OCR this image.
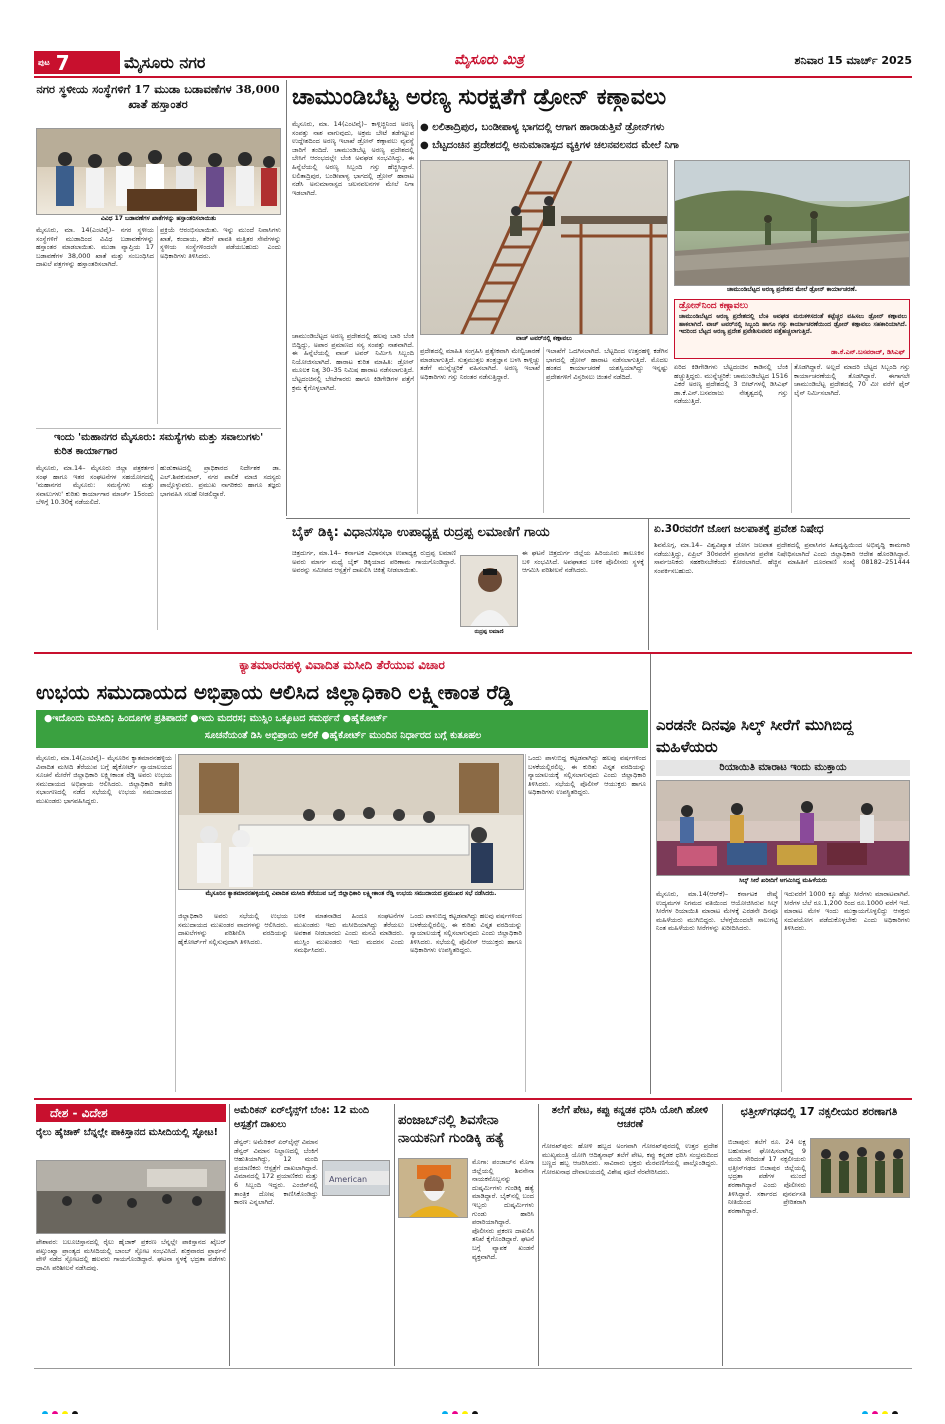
ಪುಟ 7	ಮೈಸೂರು ನಗರ	ಮೈಸೂರು ಮಿತ್ರ	ಶನಿವಾರ 15 ಮಾರ್ಚ್ 2025
ನಗರ ಸ್ಥಳೀಯ ಸಂಸ್ಥೆಗಳಿಗೆ 17 ಮುಡಾ ಬಡಾವಣೆಗಳ 38,000 ಖಾತೆ ಹಸ್ತಾಂತರ
ವಿವಿಧ 17 ಬಡಾವಣೆಗಳ ಖಾತೆಗಳನ್ನು ಹಸ್ತಾಂತರಿಸಲಾಯಿತು
ಮೈಸೂರು, ಮಾ. 14(ಎಂಟಿವೈ)– ನಗರ ಸ್ಥಳೀಯ ಸಂಸ್ಥೆಗಳಿಗೆ ಮುಡಾದಿಂದ ವಿವಿಧ ಬಡಾವಣೆಗಳನ್ನು ಹಸ್ತಾಂತರ ಮಾಡಲಾಯಿತು. ಮುಡಾ ವ್ಯಾಪ್ತಿಯ 17 ಬಡಾವಣೆಗಳ 38,000 ಖಾತೆ ಮತ್ತು ಸಂಬಂಧಿಸಿದ ದಾಖಲೆ ಪತ್ರಗಳನ್ನು ಹಸ್ತಾಂತರಿಸಲಾಗಿದೆ.
ಪ್ರಕ್ರಿಯೆ ಆರಂಭಿಸಲಾಯಿತು. ಇನ್ನು ಮುಂದೆ ನಿವಾಸಿಗಳು ಖಾತೆ, ಕಂದಾಯ, ತೆರಿಗೆ ಪಾವತಿ ಮತ್ತಿತರ ಸೇವೆಗಳನ್ನು ಸ್ಥಳೀಯ ಸಂಸ್ಥೆಗಳಿಂದಲೇ ಪಡೆಯಬಹುದು ಎಂದು ಅಧಿಕಾರಿಗಳು ತಿಳಿಸಿದರು.
ಇಂದು 'ಮಹಾನಗರ ಮೈಸೂರು: ಸಮಸ್ಯೆಗಳು ಮತ್ತು ಸವಾಲುಗಳು' ಕುರಿತ ಕಾರ್ಯಾಗಾರ
ಮೈಸೂರು, ಮಾ.14– ಮೈಸೂರು ಜಿಲ್ಲಾ ಪತ್ರಕರ್ತರ ಸಂಘ ಹಾಗೂ ಇತರ ಸಂಘಟನೆಗಳ ಸಹಯೋಗದಲ್ಲಿ 'ಮಹಾನಗರ ಮೈಸೂರು: ಸಮಸ್ಯೆಗಳು ಮತ್ತು ಸವಾಲುಗಳು' ಕುರಿತು ಕಾರ್ಯಾಗಾರ ಮಾರ್ಚ್ 15ರಂದು ಬೆಳಿಗ್ಗೆ 10.30ಕ್ಕೆ ನಡೆಯಲಿದೆ.
ಹುಡುಕಾಟದಲ್ಲಿ ಪ್ರಾಧಿಕಾರದ ನಿರ್ದೇಶಕ ಡಾ. ಎಲ್.ಶಿವಕುಮಾರ್, ನಗರ ಪಾಲಿಕೆ ಮಾಜಿ ಸದಸ್ಯರು ಪಾಲ್ಗೊಳ್ಳುವರು. ಪ್ರಮುಖ ನಾಗರಿಕರು ಹಾಗೂ ತಜ್ಞರು ಭಾಗವಹಿಸಿ ಸಲಹೆ ನೀಡಲಿದ್ದಾರೆ.
ಚಾಮುಂಡಿಬೆಟ್ಟ ಅರಣ್ಯ ಸುರಕ್ಷತೆಗೆ ಡ್ರೋನ್ ಕಣ್ಗಾವಲು
ಮೈಸೂರು, ಮಾ. 14(ಎಂಟಿವೈ)– ಕಾಳ್ಗಿಚ್ಚಿನಿಂದ ಅರಣ್ಯ ಸಂಪತ್ತು ನಾಶ ವಾಗುವುದು, ಅಕ್ರಮ ಬೇಟೆ ತಡೆಗಟ್ಟುವ ಉದ್ದೇಶದಿಂದ ಅರಣ್ಯ ಇಲಾಖೆ ಡ್ರೋನ್ ಕಣ್ಗಾವಲು ವ್ಯವಸ್ಥೆ ಜಾರಿಗೆ ತಂದಿದೆ. ಚಾಮುಂಡಿಬೆಟ್ಟ ಅರಣ್ಯ ಪ್ರದೇಶದಲ್ಲಿ ಬೇಸಿಗೆ ಆರಂಭದಲ್ಲೇ ಬೆಂಕಿ ಅವಘಡ ಸಂಭವಿಸಿದ್ದು, ಈ ಹಿನ್ನೆಲೆಯಲ್ಲಿ ಅರಣ್ಯ ಸಿಬ್ಬಂದಿ ಗಸ್ತು ಹೆಚ್ಚಿಸಿದ್ದಾರೆ. ಲಲಿತಾದ್ರಿಪುರ, ಬಂಡೀಪಾಳ್ಯ ಭಾಗದಲ್ಲಿ ಡ್ರೋನ್ ಹಾರಾಟ ನಡೆಸಿ ಅನುಮಾನಾಸ್ಪದ ಚಲನವಲನಗಳ ಮೇಲೆ ನಿಗಾ ಇಡಲಾಗಿದೆ.
● ಲಲಿತಾದ್ರಿಪುರ, ಬಂಡೀಪಾಳ್ಯ ಭಾಗದಲ್ಲಿ ಆಗಾಗ ಹಾರಾಡುತ್ತಿವೆ ಡ್ರೋನ್‌ಗಳು
● ಬೆಟ್ಟದಂಚಿನ ಪ್ರದೇಶದಲ್ಲಿ ಅನುಮಾನಾಸ್ಪದ ವ್ಯಕ್ತಿಗಳ ಚಲನವಲನದ ಮೇಲೆ ನಿಗಾ
ವಾಚ್ ಟವರ್‌ನಲ್ಲಿ ಕಣ್ಗಾವಲು
ಚಾಮುಂಡಿಬೆಟ್ಟದ ಅರಣ್ಯ ಪ್ರದೇಶದ ಮೇಲೆ ಡ್ರೋನ್ ಕಾರ್ಯಾಚರಣೆ.
ಡ್ರೋನ್‌ನಿಂದ ಕಣ್ಗಾವಲು
ಚಾಮುಂಡಿಬೆಟ್ಟದ ಅರಣ್ಯ ಪ್ರದೇಶದಲ್ಲಿ ಬೆಂಕಿ ಅವಘಡ ಮರುಕಳಿಸದಂತೆ ಕಟ್ಟೆಚ್ಚರ ವಹಿಸಲು ಡ್ರೋನ್ ಕಣ್ಗಾವಲು ಹಾಕಲಾಗಿದೆ. ವಾಚ್ ಟವರ್‌ನಲ್ಲಿ ಸಿಬ್ಬಂದಿ ಹಾಗೂ ಗಸ್ತು ಕಾರ್ಯಾಚರಣೆಯಿಂದ ಡ್ರೋನ್ ಕಣ್ಗಾವಲು ಸಹಕಾರಿಯಾಗಿದೆ. ಇದರಿಂದ ಬೆಟ್ಟದ ಅರಣ್ಯ ಪ್ರದೇಶ ಪ್ರವೇಶಿಸುವವರ ಪತ್ತೆಹಚ್ಚಲಾಗುತ್ತಿದೆ.
ಡಾ.ಕೆ.ಎನ್.ಬಸವರಾಜ್, ಡಿಸಿಎಫ್
ಚಾಮುಂಡಿಬೆಟ್ಟದ ಅರಣ್ಯ ಪ್ರದೇಶದಲ್ಲಿ ಹಲವು ಬಾರಿ ಬೆಂಕಿ ಬಿದ್ದಿದ್ದು, ಅಪಾರ ಪ್ರಮಾಣದ ಸಸ್ಯ ಸಂಪತ್ತು ನಾಶವಾಗಿದೆ. ಈ ಹಿನ್ನೆಲೆಯಲ್ಲಿ ವಾಚ್ ಟವರ್ ನಿರ್ಮಿಸಿ ಸಿಬ್ಬಂದಿ ನಿಯೋಜಿಸಲಾಗಿದೆ. ಹಾರಾಟ ಕುರಿತ ಮಾಹಿತಿ: ಡ್ರೋನ್ ಮೂಲಕ ನಿತ್ಯ 30–35 ನಿಮಿಷ ಹಾರಾಟ ನಡೆಸಲಾಗುತ್ತಿದೆ. ಬೆಟ್ಟದಂಚಿನಲ್ಲಿ ಬೇಟೆಗಾರರು ಹಾಗೂ ಕಿಡಿಗೇಡಿಗಳ ಪತ್ತೆಗೆ ಕ್ರಮ ಕೈಗೊಳ್ಳಲಾಗಿದೆ.
ಪ್ರದೇಶದಲ್ಲಿ ಮಾಹಿತಿ ಸಂಗ್ರಹಿಸಿ ಪ್ರತ್ಯೇಕವಾಗಿ ಮೇಲ್ವಿಚಾರಣೆ ಮಾಡಲಾಗುತ್ತಿದೆ. ಸುತ್ತಮುತ್ತಲ ತಂತ್ರಜ್ಞಾನ ಬಳಸಿ ಕಾಳ್ಗಿಚ್ಚು ತಡೆಗೆ ಮುನ್ನೆಚ್ಚರಿಕೆ ವಹಿಸಲಾಗಿದೆ. ಅರಣ್ಯ ಇಲಾಖೆ ಅಧಿಕಾರಿಗಳು ಗಸ್ತು ನಿರಂತರ ನಡೆಸುತ್ತಿದ್ದಾರೆ.
ಇಲಾಖೆಗೆ ಒದಗಿಸಲಾಗಿದೆ. ಬೆಟ್ಟದಿಂದ ಉತ್ತರಹಳ್ಳಿ ಕಡೆಗಿನ ಭಾಗದಲ್ಲಿ ಡ್ರೋನ್ ಹಾರಾಟ ನಡೆಸಲಾಗುತ್ತಿದೆ. ಮೊದಲ ಹಂತದ ಕಾರ್ಯಾಚರಣೆ ಯಶಸ್ವಿಯಾಗಿದ್ದು ಇನ್ನಷ್ಟು ಪ್ರದೇಶಗಳಿಗೆ ವಿಸ್ತರಿಸಲು ಚಿಂತನೆ ನಡೆದಿದೆ.
ಏರಿದ ಕಿಡಿಗೇಡಿಗಳು ಬೆಟ್ಟದಂಚಿನ ಕಾಡಿನಲ್ಲಿ ಬೆಂಕಿ ಹಚ್ಚುತ್ತಿದ್ದರು. ಮುನ್ನೆಚ್ಚರಿಕೆ: ಚಾಮುಂಡಿಬೆಟ್ಟದ 1516 ಎಕರೆ ಅರಣ್ಯ ಪ್ರದೇಶದಲ್ಲಿ 3 ಬೀಟ್‌ಗಳಲ್ಲಿ ಡಿಸಿಎಫ್ ಡಾ.ಕೆ.ಎನ್.ಬಸವರಾಜು ನೇತೃತ್ವದಲ್ಲಿ ಗಸ್ತು ನಡೆಯುತ್ತಿದೆ.
ತೊಡಗಿದ್ದಾರೆ. ಅಲ್ಲದೆ ಮಾದರಿ ಬೆಟ್ಟದ ಸಿಬ್ಬಂದಿ ಗಸ್ತು ಕಾರ್ಯಾಚರಣೆಯಲ್ಲಿ ತೊಡಗಿದ್ದಾರೆ. ಈಗಾಗಲೇ ಚಾಮುಂಡಿಬೆಟ್ಟ ಪ್ರದೇಶದಲ್ಲಿ 70 ಮೀ ವರೆಗೆ ಫೈರ್ ಲೈನ್ ನಿರ್ಮಿಸಲಾಗಿದೆ.
ಬೈಕ್ ಡಿಕ್ಕಿ: ವಿಧಾನಸಭಾ ಉಪಾಧ್ಯಕ್ಷ ರುದ್ರಪ್ಪ ಲಮಾಣಿಗೆ ಗಾಯ
ಚಿತ್ರದುರ್ಗ, ಮಾ.14– ಕರ್ನಾಟಕ ವಿಧಾನಸಭಾ ಉಪಾಧ್ಯಕ್ಷ ರುದ್ರಪ್ಪ ಲಮಾಣಿ ಅವರು ಮಾರ್ಗ ಮಧ್ಯೆ ಬೈಕ್ ಡಿಕ್ಕಿಯಾದ ಪರಿಣಾಮ ಗಾಯಗೊಂಡಿದ್ದಾರೆ. ಅವರನ್ನು ಸಮೀಪದ ಆಸ್ಪತ್ರೆಗೆ ದಾಖಲಿಸಿ ಚಿಕಿತ್ಸೆ ನೀಡಲಾಯಿತು.
ರುದ್ರಪ್ಪ ಲಮಾಣಿ
ಈ ಘಟನೆ ಚಿತ್ರದುರ್ಗ ಜಿಲ್ಲೆಯ ಹಿರಿಯೂರು ತಾಲೂಕಿನ ಬಳಿ ಸಂಭವಿಸಿದೆ. ಅಪಘಾತದ ಬಳಿಕ ಪೊಲೀಸರು ಸ್ಥಳಕ್ಕೆ ಆಗಮಿಸಿ ಪರಿಶೀಲನೆ ನಡೆಸಿದರು.
ಏ.30ರವರೆಗೆ ಜೋಗ ಜಲಪಾತಕ್ಕೆ ಪ್ರವೇಶ ನಿಷೇಧ
ಶಿವಮೊಗ್ಗ, ಮಾ.14– ವಿಶ್ವವಿಖ್ಯಾತ ಜೋಗ ಜಲಪಾತ ಪ್ರದೇಶದಲ್ಲಿ ಪ್ರವಾಸಿಗರ ಹಿತದೃಷ್ಟಿಯಿಂದ ಅಭಿವೃದ್ಧಿ ಕಾಮಗಾರಿ ನಡೆಯುತ್ತಿದ್ದು, ಏಪ್ರಿಲ್ 30ರವರೆಗೆ ಪ್ರವಾಸಿಗರ ಪ್ರವೇಶ ನಿಷೇಧಿಸಲಾಗಿದೆ ಎಂದು ಜಿಲ್ಲಾಧಿಕಾರಿ ಆದೇಶ ಹೊರಡಿಸಿದ್ದಾರೆ. ಸಾರ್ವಜನಿಕರು ಸಹಕರಿಸಬೇಕೆಂದು ಕೋರಲಾಗಿದೆ. ಹೆಚ್ಚಿನ ಮಾಹಿತಿಗೆ ದೂರವಾಣಿ ಸಂಖ್ಯೆ 08182–251444 ಸಂಪರ್ಕಿಸಬಹುದು.
ಕ್ಯಾತಮಾರನಹಳ್ಳಿ ವಿವಾದಿತ ಮಸೀದಿ ತೆರೆಯುವ ವಿಚಾರ
ಉಭಯ ಸಮುದಾಯದ ಅಭಿಪ್ರಾಯ ಆಲಿಸಿದ ಜಿಲ್ಲಾಧಿಕಾರಿ ಲಕ್ಷ್ಮೀಕಾಂತ ರೆಡ್ಡಿ
●ಇದೊಂದು ಮಸೀದಿ; ಹಿಂದೂಗಳ ಪ್ರತಿಪಾದನೆ ●ಇದು ಮದರಸ; ಮುಸ್ಲಿಂ ಒಕ್ಕೂಟದ ಸಮರ್ಥನೆ ●ಹೈಕೋರ್ಟ್
ಸೂಚನೆಯಂತೆ ಡಿಸಿ ಅಭಿಪ್ರಾಯ ಆಲಿಕೆ ●ಹೈಕೋರ್ಟ್ ಮುಂದಿನ ನಿರ್ಧಾರದ ಬಗ್ಗೆ ಕುತೂಹಲ
ಮೈಸೂರು, ಮಾ.14(ಎಂಟಿವೈ)– ಮೈಸೂರಿನ ಕ್ಯಾತಮಾರನಹಳ್ಳಿಯ ವಿವಾದಿತ ಮಸೀದಿ ತೆರೆಯುವ ಬಗ್ಗೆ ಹೈಕೋರ್ಟ್ ನ್ಯಾಯಾಲಯದ ಸೂಚನೆ ಮೇರೆಗೆ ಜಿಲ್ಲಾಧಿಕಾರಿ ಲಕ್ಷ್ಮೀಕಾಂತ ರೆಡ್ಡಿ ಅವರು ಉಭಯ ಸಮುದಾಯದ ಅಭಿಪ್ರಾಯ ಆಲಿಸಿದರು. ಜಿಲ್ಲಾಧಿಕಾರಿ ಕಚೇರಿ ಸಭಾಂಗಣದಲ್ಲಿ ನಡೆದ ಸಭೆಯಲ್ಲಿ ಉಭಯ ಸಮುದಾಯದ ಮುಖಂಡರು ಭಾಗವಹಿಸಿದ್ದರು.
ಮೈಸೂರಿನ ಕ್ಯಾತಮಾರನಹಳ್ಳಿಯಲ್ಲಿ ವಿವಾದಿತ ಮಸೀದಿ ತೆರೆಯುವ ಬಗ್ಗೆ ಜಿಲ್ಲಾಧಿಕಾರಿ ಲಕ್ಷ್ಮೀಕಾಂತ ರೆಡ್ಡಿ ಉಭಯ ಸಮುದಾಯದ ಪ್ರಮುಖರ ಸಭೆ ನಡೆಸಿದರು.
ಜಿಲ್ಲಾಧಿಕಾರಿ ಅವರು ಸಭೆಯಲ್ಲಿ ಉಭಯ ಸಮುದಾಯದ ಮುಖಂಡರ ವಾದಗಳನ್ನು ಆಲಿಸಿದರು. ದಾಖಲೆಗಳನ್ನು ಪರಿಶೀಲಿಸಿ ವರದಿಯನ್ನು ಹೈಕೋರ್ಟ್‌ಗೆ ಸಲ್ಲಿಸುವುದಾಗಿ ತಿಳಿಸಿದರು.
ಬಳಿಕ ಮಾತನಾಡಿದ ಹಿಂದೂ ಸಂಘಟನೆಗಳ ಮುಖಂಡರು ಇದು ಮಸೀದಿಯಾಗಿದ್ದು ತೆರೆಯಲು ಅವಕಾಶ ನೀಡಬಾರದು ಎಂದು ಮನವಿ ಮಾಡಿದರು. ಮುಸ್ಲಿಂ ಮುಖಂಡರು ಇದು ಮದರಸ ಎಂದು ಸಮರ್ಥಿಸಿದರು.
ಒಂದು ಪಾಳುಬಿದ್ದ ಕಟ್ಟಡವಾಗಿದ್ದು ಹಲವು ವರ್ಷಗಳಿಂದ ಬಳಕೆಯಲ್ಲಿರಲಿಲ್ಲ. ಈ ಕುರಿತು ವಿಸ್ತೃತ ವರದಿಯನ್ನು ನ್ಯಾಯಾಲಯಕ್ಕೆ ಸಲ್ಲಿಸಲಾಗುವುದು ಎಂದು ಜಿಲ್ಲಾಧಿಕಾರಿ ತಿಳಿಸಿದರು. ಸಭೆಯಲ್ಲಿ ಪೊಲೀಸ್ ಆಯುಕ್ತರು ಹಾಗೂ ಅಧಿಕಾರಿಗಳು ಉಪಸ್ಥಿತರಿದ್ದರು.
ಒಂದು ಪಾಳುಬಿದ್ದ ಕಟ್ಟಡವಾಗಿದ್ದು ಹಲವು ವರ್ಷಗಳಿಂದ ಬಳಕೆಯಲ್ಲಿರಲಿಲ್ಲ. ಈ ಕುರಿತು ವಿಸ್ತೃತ ವರದಿಯನ್ನು ನ್ಯಾಯಾಲಯಕ್ಕೆ ಸಲ್ಲಿಸಲಾಗುವುದು ಎಂದು ಜಿಲ್ಲಾಧಿಕಾರಿ ತಿಳಿಸಿದರು. ಸಭೆಯಲ್ಲಿ ಪೊಲೀಸ್ ಆಯುಕ್ತರು ಹಾಗೂ ಅಧಿಕಾರಿಗಳು ಉಪಸ್ಥಿತರಿದ್ದರು.
ಎರಡನೇ ದಿನವೂ ಸಿಲ್ಕ್ ಸೀರೆಗೆ ಮುಗಿಬಿದ್ದ ಮಹಿಳೆಯರು
ರಿಯಾಯಿತಿ ಮಾರಾಟ ಇಂದು ಮುಕ್ತಾಯ
ಸಿಲ್ಕ್ ಸೀರೆ ಖರೀದಿಗೆ ಆಗಮಿಸಿದ್ದ ಮಹಿಳೆಯರು
ಮೈಸೂರು, ಮಾ.14(ಆರ್‌ಕೆ)– ಕರ್ನಾಟಕ ರೇಷ್ಮೆ ಉದ್ಯಮಗಳ ನಿಗಮದ ವತಿಯಿಂದ ಆಯೋಜಿಸಿರುವ ಸಿಲ್ಕ್ ಸೀರೆಗಳ ರಿಯಾಯಿತಿ ಮಾರಾಟ ಮೇಳಕ್ಕೆ ಎರಡನೇ ದಿನವೂ ಮಹಿಳೆಯರು ಮುಗಿಬಿದ್ದರು. ಬೆಳಗ್ಗೆಯಿಂದಲೇ ಸಾಲುಗಟ್ಟಿ ನಿಂತ ಮಹಿಳೆಯರು ಸೀರೆಗಳನ್ನು ಖರೀದಿಸಿದರು.
ಇದುವರೆಗೆ 1000 ಕ್ಕೂ ಹೆಚ್ಚು ಸೀರೆಗಳು ಮಾರಾಟವಾಗಿವೆ. ಸೀರೆಗಳ ಬೆಲೆ ರೂ.1,200 ರಿಂದ ರೂ.1000 ವರೆಗೆ ಇದೆ. ಮಾರಾಟ ಮೇಳ ಇಂದು ಮುಕ್ತಾಯಗೊಳ್ಳಲಿದ್ದು ಆಸಕ್ತರು ಸದುಪಯೋಗ ಪಡೆದುಕೊಳ್ಳಬೇಕು ಎಂದು ಅಧಿಕಾರಿಗಳು ತಿಳಿಸಿದರು.
ದೇಶ - ವಿದೇಶ
ರೈಲು ಹೈಜಾಕ್ ಬೆನ್ನಲ್ಲೇ ಪಾಕಿಸ್ತಾನದ ಮಸೀದಿಯಲ್ಲಿ ಸ್ಫೋಟ!
ಪೇಶಾವರ: ಬಲೂಚಿಸ್ತಾನದಲ್ಲಿ ರೈಲು ಹೈಜಾಕ್ ಪ್ರಕರಣ ಬೆನ್ನಲ್ಲೇ ಪಾಕಿಸ್ತಾನದ ಖೈಬರ್ ಪಖ್ತುಂಖ್ವಾ ಪ್ರಾಂತ್ಯದ ಮಸೀದಿಯಲ್ಲಿ ಬಾಂಬ್ ಸ್ಫೋಟ ಸಂಭವಿಸಿದೆ. ಶುಕ್ರವಾರದ ಪ್ರಾರ್ಥನೆ ವೇಳೆ ನಡೆದ ಸ್ಫೋಟದಲ್ಲಿ ಹಲವರು ಗಾಯಗೊಂಡಿದ್ದಾರೆ. ಘಟನಾ ಸ್ಥಳಕ್ಕೆ ಭದ್ರತಾ ಪಡೆಗಳು ಧಾವಿಸಿ ಪರಿಶೀಲನೆ ನಡೆಸಿದವು.
ಅಮೆರಿಕನ್ ಏರ್‌ಲೈನ್ಸ್‌ಗೆ ಬೆಂಕಿ: 12 ಮಂದಿ ಆಸ್ಪತ್ರೆಗೆ ದಾಖಲು
ಡೆನ್ವರ್: ಅಮೆರಿಕನ್ ಏರ್‌ಲೈನ್ಸ್ ವಿಮಾನ ಡೆನ್ವರ್ ವಿಮಾನ ನಿಲ್ದಾಣದಲ್ಲಿ ಬೆಂಕಿಗೆ ಆಹುತಿಯಾಗಿದ್ದು, 12 ಮಂದಿ ಪ್ರಯಾಣಿಕರು ಆಸ್ಪತ್ರೆಗೆ ದಾಖಲಾಗಿದ್ದಾರೆ. ವಿಮಾನದಲ್ಲಿ 172 ಪ್ರಯಾಣಿಕರು ಮತ್ತು 6 ಸಿಬ್ಬಂದಿ ಇದ್ದರು. ಎಂಜಿನ್‌ನಲ್ಲಿ ತಾಂತ್ರಿಕ ದೋಷ ಕಾಣಿಸಿಕೊಂಡಿದ್ದು ಕಾರಣ ಎನ್ನಲಾಗಿದೆ.
American
ಪಂಜಾಬ್‌ನಲ್ಲಿ ಶಿವಸೇನಾ ನಾಯಕನಿಗೆ ಗುಂಡಿಕ್ಕಿ ಹತ್ಯೆ
ಮೊಗಾ: ಪಂಜಾಬ್‌ನ ಮೊಗಾ ಜಿಲ್ಲೆಯಲ್ಲಿ ಶಿವಸೇನಾ ನಾಯಕನೊಬ್ಬನನ್ನು ದುಷ್ಕರ್ಮಿಗಳು ಗುಂಡಿಕ್ಕಿ ಹತ್ಯೆ ಮಾಡಿದ್ದಾರೆ. ಬೈಕ್‌ನಲ್ಲಿ ಬಂದ ಇಬ್ಬರು ದುಷ್ಕರ್ಮಿಗಳು ಗುಂಡು ಹಾರಿಸಿ ಪರಾರಿಯಾಗಿದ್ದಾರೆ. ಪೊಲೀಸರು ಪ್ರಕರಣ ದಾಖಲಿಸಿ ತನಿಖೆ ಕೈಗೊಂಡಿದ್ದಾರೆ. ಘಟನೆ ಬಗ್ಗೆ ವ್ಯಾಪಕ ಖಂಡನೆ ವ್ಯಕ್ತವಾಗಿದೆ.
ತಲೆಗೆ ಪೇಟ, ಕಪ್ಪು ಕನ್ನಡಕ ಧರಿಸಿ ಯೋಗಿ ಹೋಳಿ ಆಚರಣೆ
ಗೋರಖ್‌ಪುರ: ಹೋಳಿ ಹಬ್ಬದ ಅಂಗವಾಗಿ ಗೋರಖ್‌ಪುರದಲ್ಲಿ ಉತ್ತರ ಪ್ರದೇಶ ಮುಖ್ಯಮಂತ್ರಿ ಯೋಗಿ ಆದಿತ್ಯನಾಥ್ ತಲೆಗೆ ಪೇಟ, ಕಪ್ಪು ಕನ್ನಡಕ ಧರಿಸಿ ಸಂಭ್ರಮದಿಂದ ಬಣ್ಣದ ಹಬ್ಬ ಆಚರಿಸಿದರು. ಸಾವಿರಾರು ಭಕ್ತರು ಮೆರವಣಿಗೆಯಲ್ಲಿ ಪಾಲ್ಗೊಂಡಿದ್ದರು. ಗೋರಖನಾಥ ದೇವಾಲಯದಲ್ಲಿ ವಿಶೇಷ ಪೂಜೆ ನೆರವೇರಿಸಿದರು.
ಛತ್ತೀಸ್‌ಗಢದಲ್ಲಿ 17 ನಕ್ಸಲೀಯರ ಶರಣಾಗತಿ
ಬಿಜಾಪುರ: ತಲೆಗೆ ರೂ. 24 ಲಕ್ಷ ಬಹುಮಾನ ಘೋಷಿಸಲಾಗಿದ್ದ 9 ಮಂದಿ ಸೇರಿದಂತೆ 17 ನಕ್ಸಲೀಯರು ಛತ್ತೀಸ್‌ಗಢದ ಬಿಜಾಪುರ ಜಿಲ್ಲೆಯಲ್ಲಿ ಭದ್ರತಾ ಪಡೆಗಳ ಮುಂದೆ ಶರಣಾಗಿದ್ದಾರೆ ಎಂದು ಪೊಲೀಸರು ತಿಳಿಸಿದ್ದಾರೆ. ಸರ್ಕಾರದ ಪುನರ್ವಸತಿ ನೀತಿಯಿಂದ ಪ್ರೇರಿತರಾಗಿ ಶರಣಾಗಿದ್ದಾರೆ.
